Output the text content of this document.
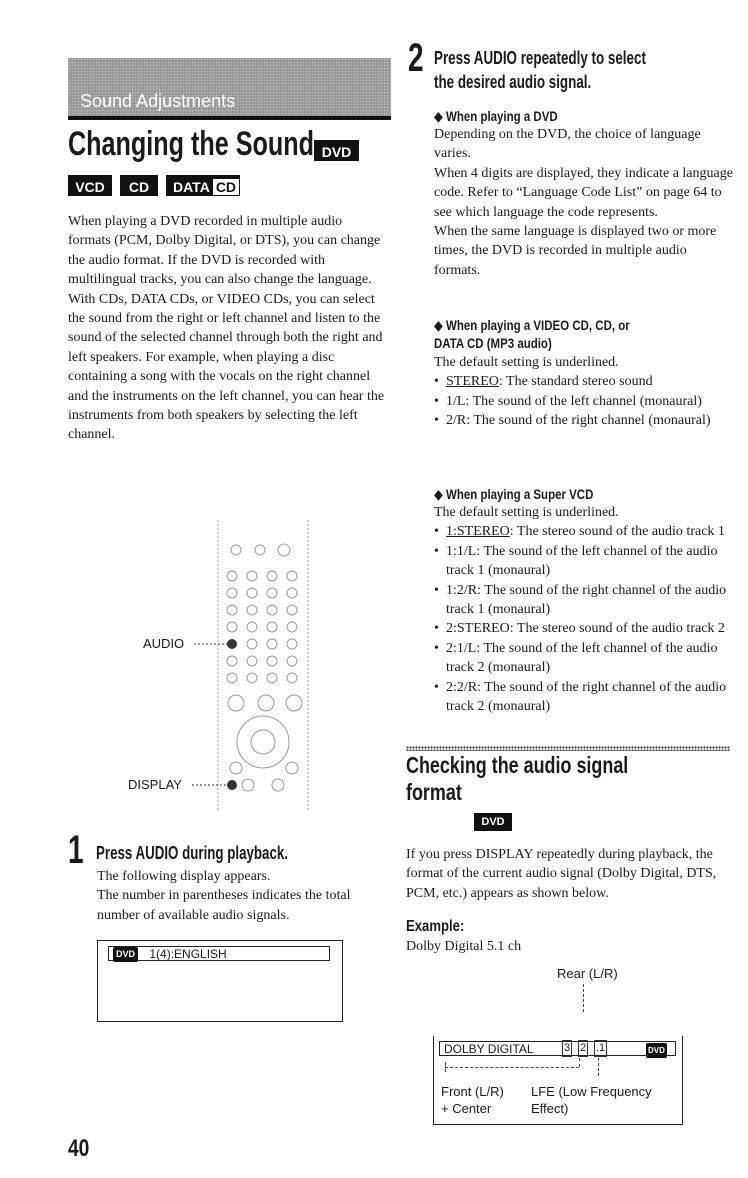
Sound Adjustments
Changing the Sound DVD
VCD	CD	DATA CD
When playing a DVD recorded in multiple audio formats (PCM, Dolby Digital, or DTS), you can change the audio format. If the DVD is recorded with multilingual tracks, you can also change the language.
With CDs, DATA CDs, or VIDEO CDs, you can select the sound from the right or left channel and listen to the sound of the selected channel through both the right and left speakers. For example, when playing a disc containing a song with the vocals on the right channel and the instruments on the left channel, you can hear the instruments from both speakers by selecting the left channel.
AUDIO
DISPLAY
1 Press AUDIO during playback.
The following display appears.
The number in parentheses indicates the total number of available audio signals.
DVD 1(4):ENGLISH
40
2 Press AUDIO repeatedly to select
the desired audio signal.
◆ When playing a DVD
Depending on the DVD, the choice of language varies.
When 4 digits are displayed, they indicate a language code. Refer to “Language Code List” on page 64 to see which language the code represents.
When the same language is displayed two or more times, the DVD is recorded in multiple audio formats.
◆ When playing a VIDEO CD, CD, or
DATA CD (MP3 audio)
The default setting is underlined.
• STEREO: The standard stereo sound
• 1/L: The sound of the left channel (monaural)
• 2/R: The sound of the right channel (monaural)
◆ When playing a Super VCD
The default setting is underlined.
• 1:STEREO: The stereo sound of the audio track 1
• 1:1/L: The sound of the left channel of the audio track 1 (monaural)
• 1:2/R: The sound of the right channel of the audio track 1 (monaural)
• 2:STEREO: The stereo sound of the audio track 2
• 2:1/L: The sound of the left channel of the audio track 2 (monaural)
• 2:2/R: The sound of the right channel of the audio track 2 (monaural)
Checking the audio signal
format
DVD
If you press DISPLAY repeatedly during playback, the format of the current audio signal (Dolby Digital, DTS, PCM, etc.) appears as shown below.
Example:
Dolby Digital 5.1 ch
Rear (L/R)
DOLBY DIGITAL	3 2 .1	DVD
Front (L/R)
+ Center
LFE (Low Frequency
Effect)
